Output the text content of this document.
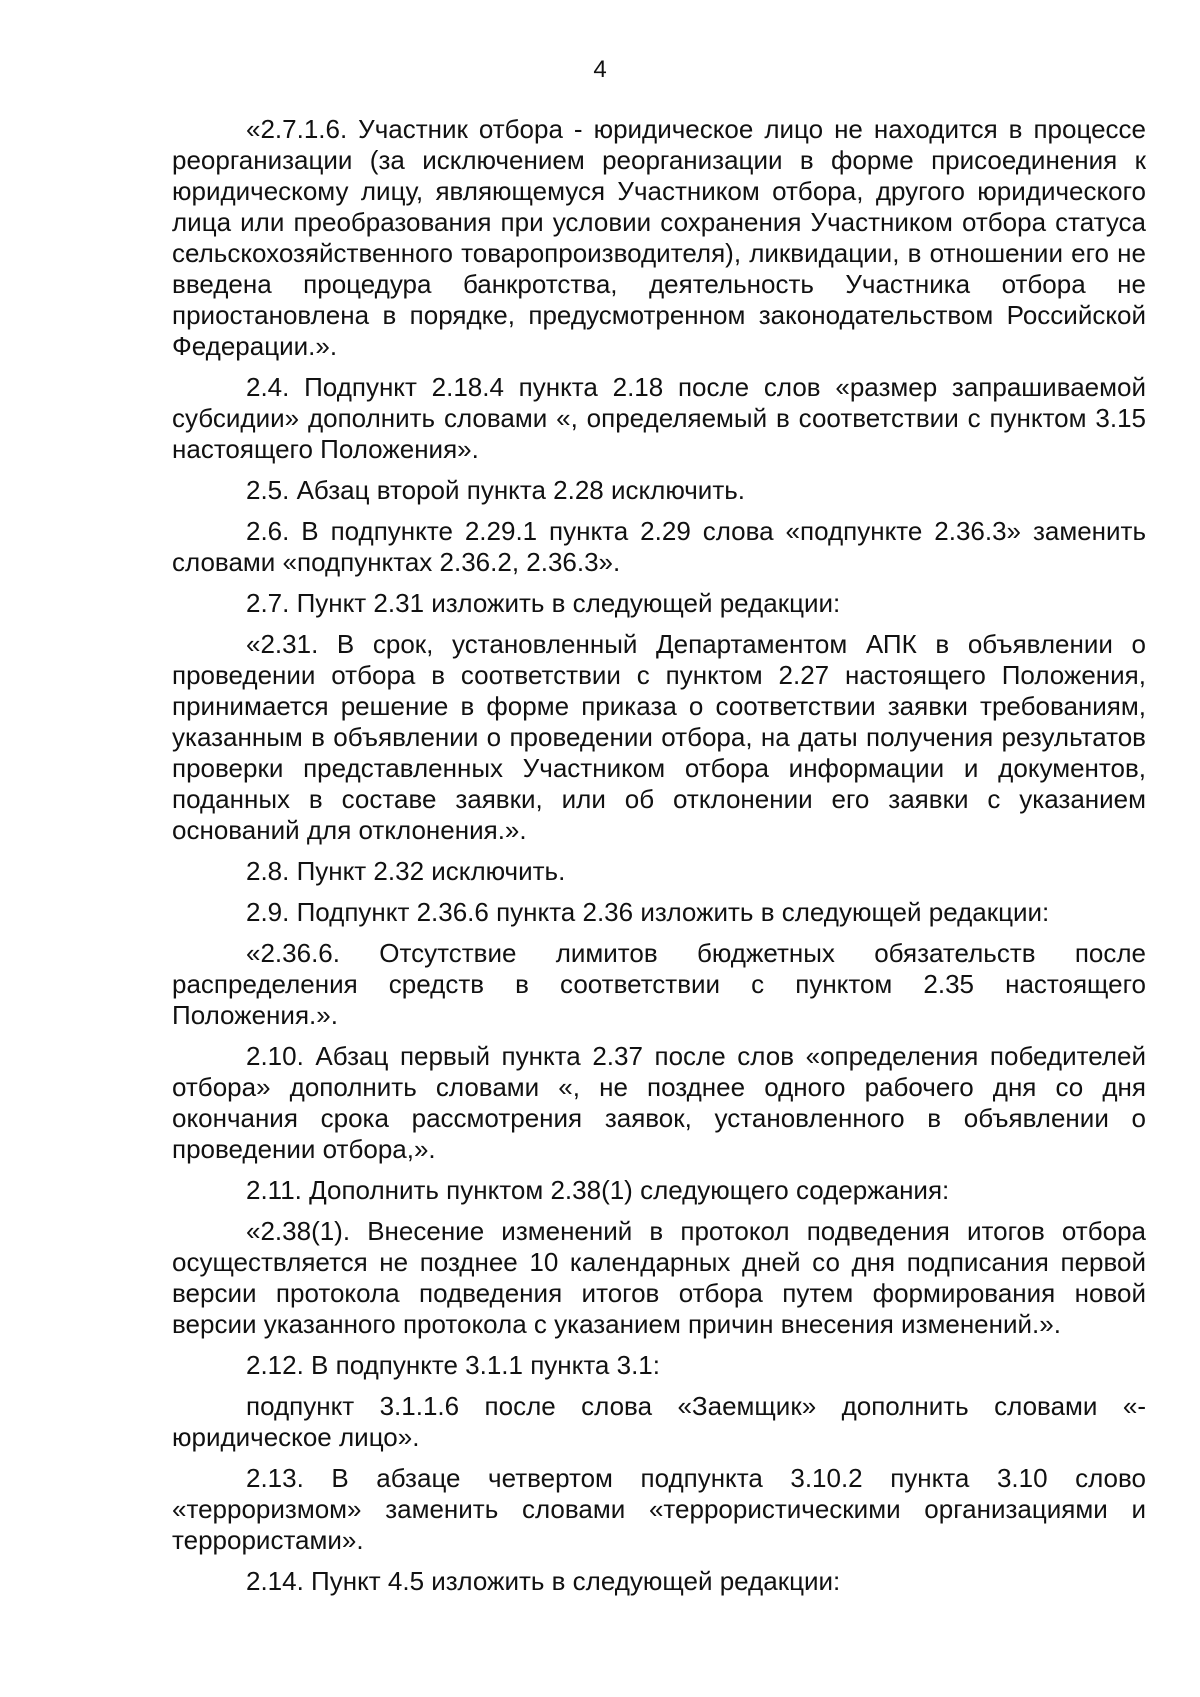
4

«2.7.1.6. Участник отбора - юридическое лицо не находится в процессе реорганизации (за исключением реорганизации в форме присоединения к юридическому лицу, являющемуся Участником отбора, другого юридического лица или преобразования при условии сохранения Участником отбора статуса сельскохозяйственного товаропроизводителя), ликвидации, в отношении его не введена процедура банкротства, деятельность Участника отбора не приостановлена в порядке, предусмотренном законодательством Российской Федерации.».

2.4. Подпункт 2.18.4 пункта 2.18 после слов «размер запрашиваемой субсидии» дополнить словами «, определяемый в соответствии с пунктом 3.15 настоящего Положения».

2.5. Абзац второй пункта 2.28 исключить.

2.6. В подпункте 2.29.1 пункта 2.29 слова «подпункте 2.36.3» заменить словами «подпунктах 2.36.2, 2.36.3».

2.7. Пункт 2.31 изложить в следующей редакции:

«2.31. В срок, установленный Департаментом АПК в объявлении о проведении отбора в соответствии с пунктом 2.27 настоящего Положения, принимается решение в форме приказа о соответствии заявки требованиям, указанным в объявлении о проведении отбора, на даты получения результатов проверки представленных Участником отбора информации и документов, поданных в составе заявки, или об отклонении его заявки с указанием оснований для отклонения.».

2.8. Пункт 2.32 исключить.

2.9. Подпункт 2.36.6 пункта 2.36 изложить в следующей редакции:

«2.36.6. Отсутствие лимитов бюджетных обязательств после распределения средств в соответствии с пунктом 2.35 настоящего Положения.».

2.10. Абзац первый пункта 2.37 после слов «определения победителей отбора» дополнить словами «, не позднее одного рабочего дня со дня окончания срока рассмотрения заявок, установленного в объявлении о проведении отбора,».

2.11. Дополнить пунктом 2.38(1) следующего содержания:

«2.38(1). Внесение изменений в протокол подведения итогов отбора осуществляется не позднее 10 календарных дней со дня подписания первой версии протокола подведения итогов отбора путем формирования новой версии указанного протокола с указанием причин внесения изменений.».

2.12. В подпункте 3.1.1 пункта 3.1:

подпункт 3.1.1.6 после слова «Заемщик» дополнить словами «-юридическое лицо».

2.13. В абзаце четвертом подпункта 3.10.2 пункта 3.10 слово «терроризмом» заменить словами «террористическими организациями и террористами».

2.14. Пункт 4.5 изложить в следующей редакции:
